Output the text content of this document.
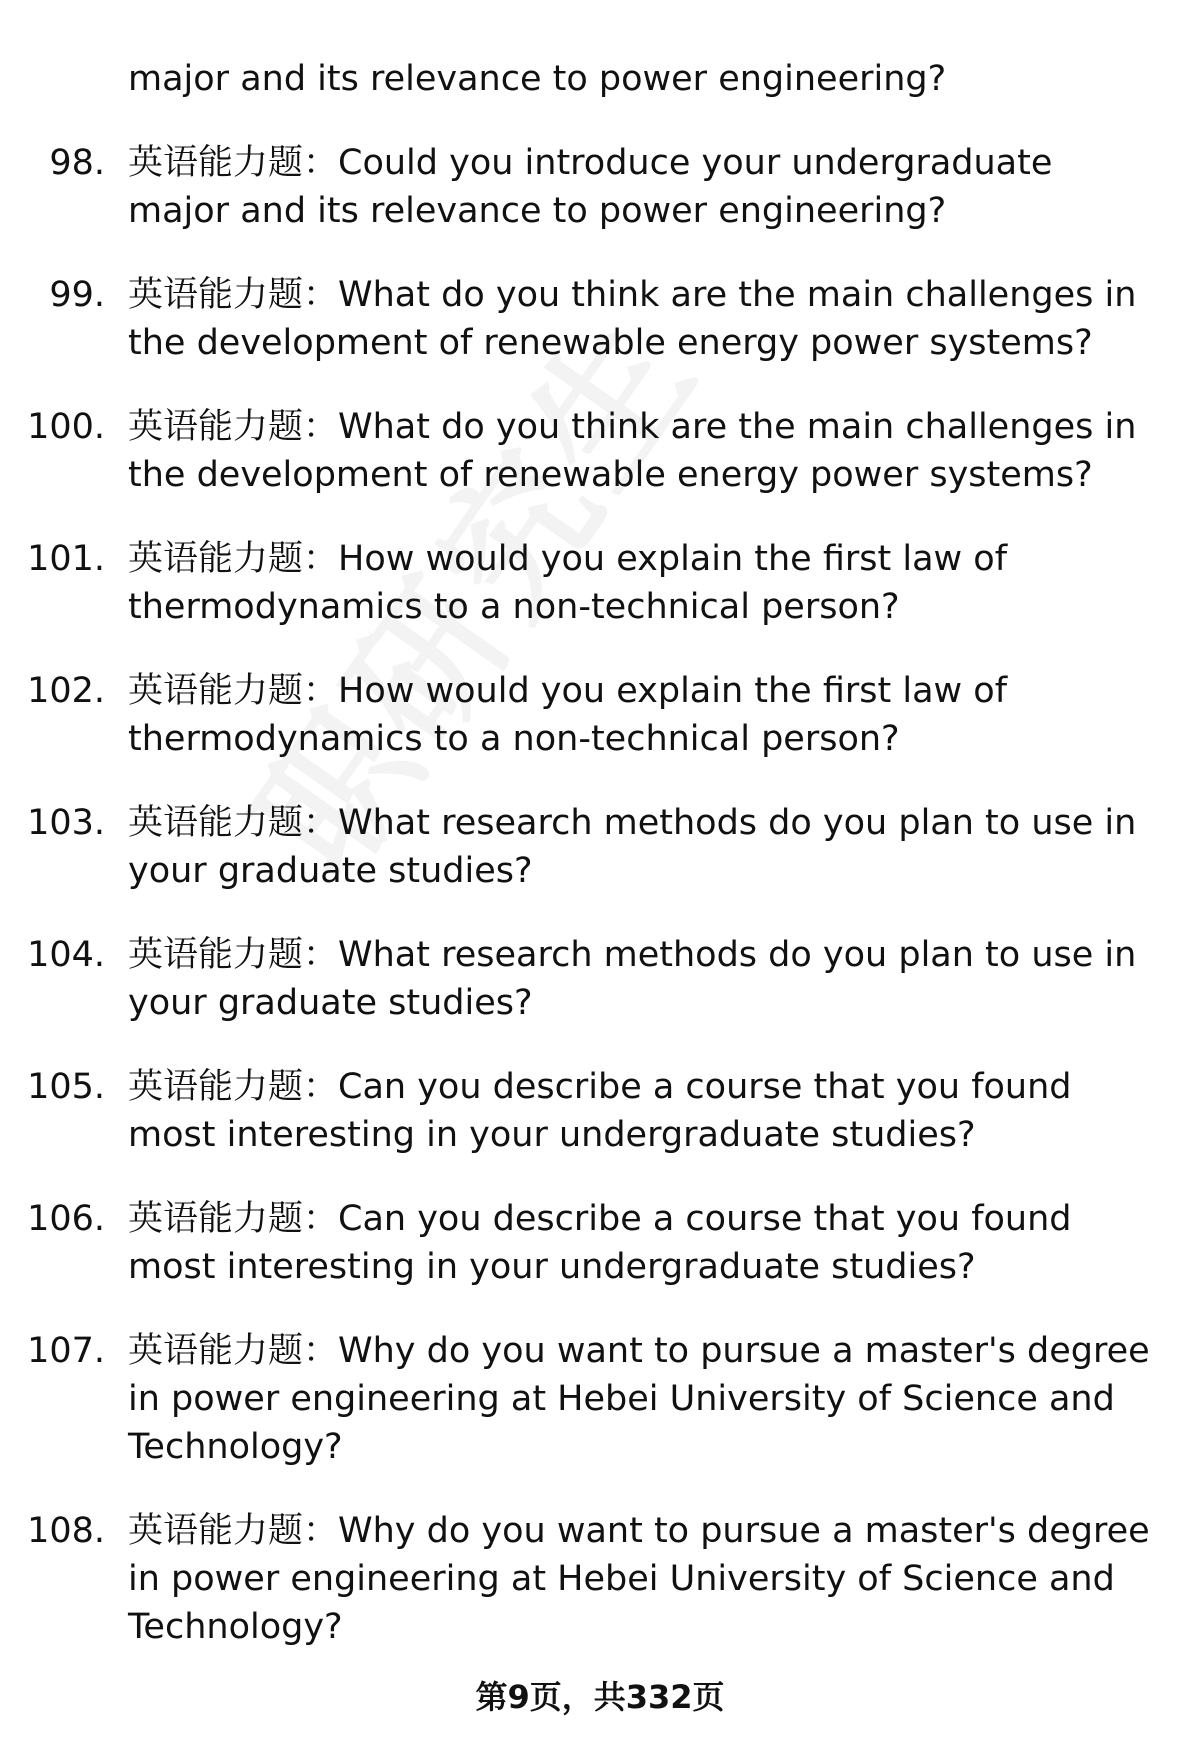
major and its relevance to power engineering?
98. 英语能力题：Could you introduce your undergraduate major and its relevance to power engineering?
99. 英语能力题：What do you think are the main challenges in the development of renewable energy power systems?
100. 英语能力题：What do you think are the main challenges in the development of renewable energy power systems?
101. 英语能力题：How would you explain the first law of thermodynamics to a non-technical person?
102. 英语能力题：How would you explain the first law of thermodynamics to a non-technical person?
103. 英语能力题：What research methods do you plan to use in your graduate studies?
104. 英语能力题：What research methods do you plan to use in your graduate studies?
105. 英语能力题：Can you describe a course that you found most interesting in your undergraduate studies?
106. 英语能力题：Can you describe a course that you found most interesting in your undergraduate studies?
107. 英语能力题：Why do you want to pursue a master's degree in power engineering at Hebei University of Science and Technology?
108. 英语能力题：Why do you want to pursue a master's degree in power engineering at Hebei University of Science and Technology?
第9页，共332页
